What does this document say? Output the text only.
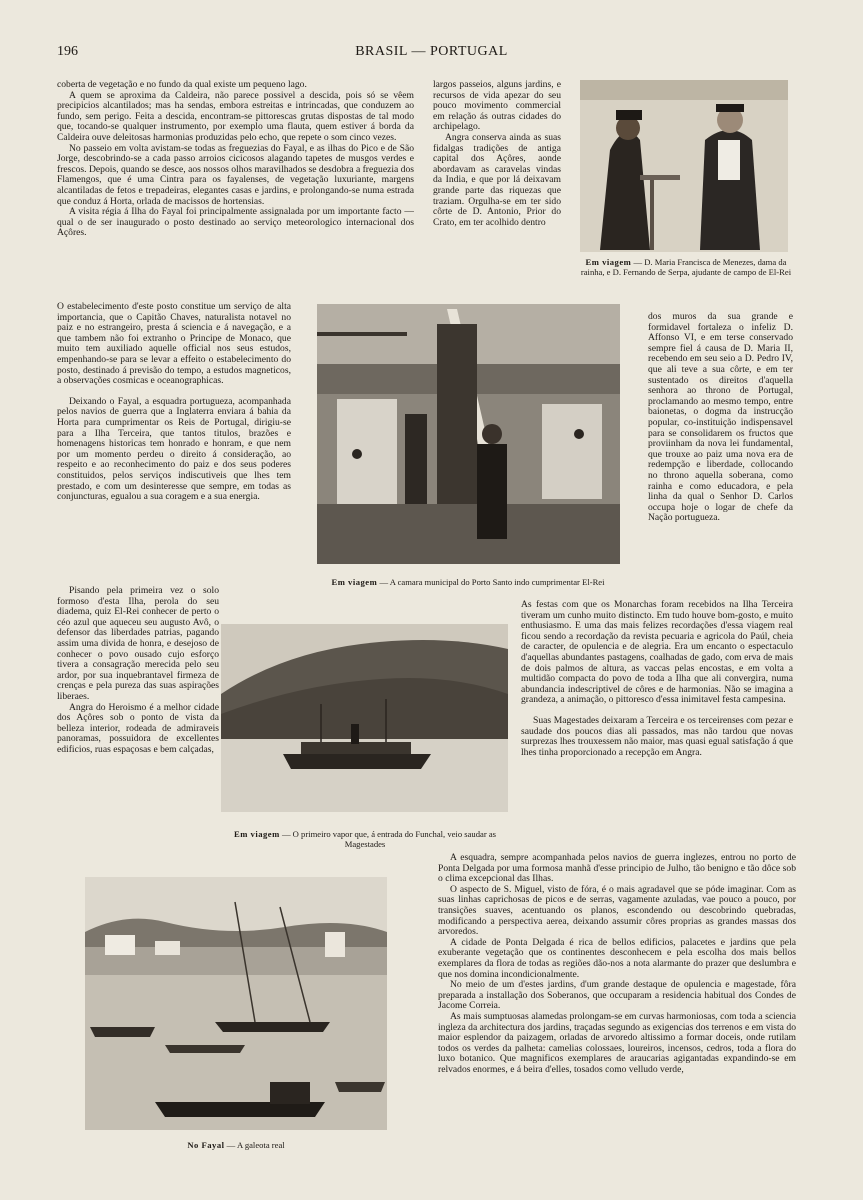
196	BRASIL — PORTUGAL

coberta de vegetação e no fundo da qual existe um pequeno lago.

A quem se aproxima da Caldeira, não parece possivel a descida, pois só se vêem precipicios alcantilados; mas ha sendas, embora estreitas e intrincadas, que conduzem ao fundo, sem perigo. Feita a descida, encontram-se pittorescas grutas dispostas de tal modo que, tocando-se qualquer instrumento, por exemplo uma flauta, quem estiver á borda da Caldeira ouve deleitosas harmonias produzidas pelo echo, que repete o som cinco vezes.

No passeio em volta avistam-se todas as freguezias do Fayal, e as ilhas do Pico e de São Jorge, descobrindo-se a cada passo arroios cicicosos alagando tapetes de musgos verdes e frescos. Depois, quando se desce, aos nossos olhos maravilhados se desdobra a freguezia dos Flamengos, que é uma Cintra para os fayalenses, de vegetação luxuriante, margens alcantiladas de fetos e trepadeiras, elegantes casas e jardins, e prolongando-se numa estrada que conduz á Horta, orlada de macissos de hortensias.

A visita régia á Ilha do Fayal foi principalmente assignalada por um importante facto — qual o de ser inaugurado o posto destinado ao serviço meteorologico internacional dos Açôres.

O estabelecimento d'este posto constitue um serviço de alta importancia, que o Capitão Chaves, naturalista notavel no paiz e no estrangeiro, presta á sciencia e á navegação, e a que tambem não foi extranho o Principe de Monaco, que muito tem auxiliado aquelle official nos seus estudos, empenhando-se para se levar a effeito o estabelecimento do posto, destinado á previsão do tempo, a estudos magneticos, a observações cosmicas e oceanographicas.

Deixando o Fayal, a esquadra portugueza, acompanhada pelos navios de guerra que a Inglaterra enviara á bahia da Horta para cumprimentar os Reis de Portugal, dirigiu-se para a Ilha Terceira, que tantos titulos, brazões e homenagens historicas tem honrado e honram, e que nem por um momento perdeu o direito á consideração, ao respeito e ao reconhecimento do paiz e dos seus poderes constituidos, pelos serviços indiscutiveis que lhes tem prestado, e com um desinteresse que sempre, em todas as conjuncturas, egualou a sua coragem e a sua energia.

Pisando pela primeira vez o solo formoso d'esta Ilha, perola do seu diadema, quiz El-Rei conhecer de perto o céo azul que aqueceu seu augusto Avô, o defensor das liberdades patrias, pagando assim uma divida de honra, e desejoso de conhecer o povo ousado cujo esforço tivera a consagração merecida pelo seu ardor, por sua inquebrantavel firmeza de crenças e pela pureza das suas aspirações liberaes.

Angra do Heroismo é a melhor cidade dos Açôres sob o ponto de vista da belleza interior, rodeada de admiraveis panoramas, possuidora de excellentes edificios, ruas espaçosas e bem calçadas,

largos passeios, alguns jardins, e recursos de vida apezar do seu pouco movimento commercial em relação ás outras cidades do archipelago.

Angra conserva ainda as suas fidalgas tradições de antiga capital dos Açôres, aonde abordavam as caravelas vindas da India, e que por lá deixavam grande parte das riquezas que traziam. Orgulha-se em ter sido côrte de D. Antonio, Prior do Crato, em ter acolhido dentro

Em viagem — D. Maria Francisca de Menezes, dama da rainha, e D. Fernando de Serpa, ajudante de campo de El-Rei
Em viagem — A camara municipal do Porto Santo indo cumprimentar El-Rei

dos muros da sua grande e formidavel fortaleza o infeliz D. Affonso VI, e em terse conservado sempre fiel á causa de D. Maria II, recebendo em seu seio a D. Pedro IV, que ali teve a sua côrte, e em ter sustentado os direitos d'aquella senhora ao throno de Portugal, proclamando ao mesmo tempo, entre baionetas, o dogma da instrucção popular, co-instituição indispensavel para se consolidarem os fructos que proviinham da nova lei fundamental, que trouxe ao paiz uma nova era de redempção e liberdade, collocando no throno aquella soberana, como rainha e como educadora, e pela linha da qual o Senhor D. Carlos occupa hoje o logar de chefe da Nação portugueza.

Em viagem — O primeiro vapor que, á entrada do Funchal, veio saudar as Magestades

As festas com que os Monarchas foram recebidos na Ilha Terceira tiveram um cunho muito distincto. Em tudo houve bom-gosto, e muito enthusiasmo. E uma das mais felizes recordações d'essa viagem real ficou sendo a recordação da revista pecuaria e agricola do Paúl, cheia de caracter, de opulencia e de alegria. Era um encanto o espectaculo d'aquellas abundantes pastagens, coalhadas de gado, com erva de mais de dois palmos de altura, as vaccas pelas encostas, e em volta a multidão compacta do povo de toda a Ilha que ali convergira, numa abundancia indescriptivel de côres e de harmonias. Não se imagina a grandeza, a animação, o pittoresco d'essa inimitavel festa campesina.

Suas Magestades deixaram a Terceira e os terceirenses com pezar e saudade dos poucos dias ali passados, mas não tardou que novas surprezas lhes trouxessem não maior, mas quasi egual satisfação á que lhes tinha proporcionado a recepção em Angra.

A esquadra, sempre acompanhada pelos navios de guerra inglezes, entrou no porto de Ponta Delgada por uma formosa manhã d'esse principio de Julho, tão benigno e tão dôce sob o clima excepcional das Ilhas.

O aspecto de S. Miguel, visto de fóra, é o mais agradavel que se póde imaginar. Com as suas linhas caprichosas de picos e de serras, vagamente azuladas, vae pouco a pouco, por transições suaves, acentuando os planos, escondendo ou descobrindo quebradas, modificando a perspectiva aerea, deixando assumir côres proprias as grandes massas dos arvoredos.

A cidade de Ponta Delgada é rica de bellos edificios, palacetes e jardins que pela exuberante vegetação que os continentes desconhecem e pela escolha dos mais bellos exemplares da flora de todas as regiões dão-nos a nota alarmante do prazer que deslumbra e que nos domina incondicionalmente.

No meio de um d'estes jardins, d'um grande destaque de opulencia e magestade, fôra preparada a installação dos Soberanos, que occuparam a residencia habitual dos Condes de Jacome Correia.

As mais sumptuosas alamedas prolongam-se em curvas harmoniosas, com toda a sciencia ingleza da architectura dos jardins, traçadas segundo as exigencias dos terrenos e em vista do maior esplendor da paizagem, orladas de arvoredo altissimo a formar doceis, onde rutilam todos os verdes da palheta: camelias colossaes, loureiros, incensos, cedros, toda a flora do luxo botanico. Que magnificos exemplares de araucarias agigantadas expandindo-se em relvados enormes, e á beira d'elles, tosados como velludo verde,

No Fayal — A galeota real
